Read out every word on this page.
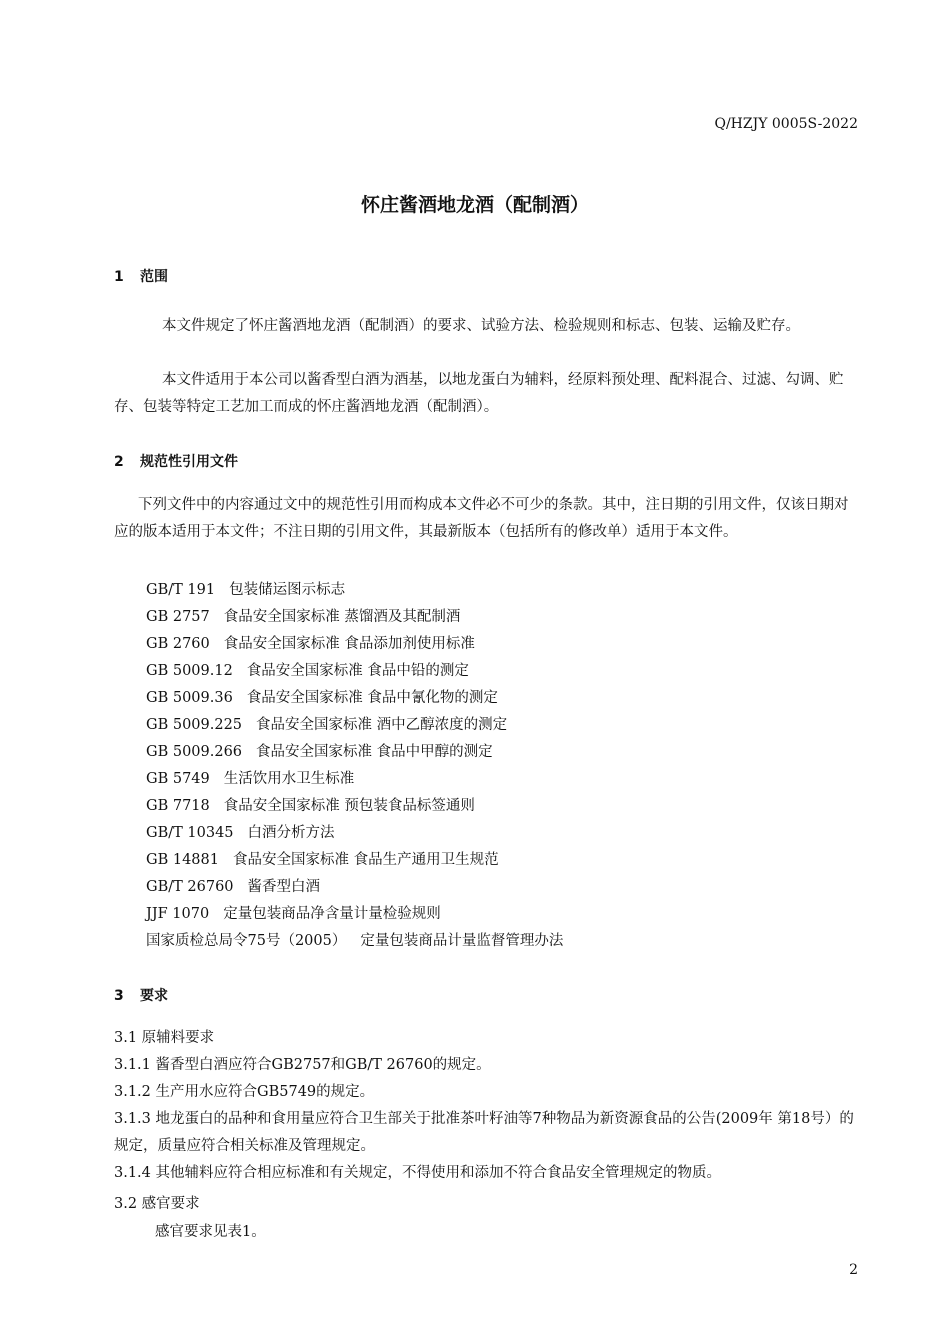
Q/HZJY 0005S-2022
怀庄酱酒地龙酒（配制酒）
1 范围

本文件规定了怀庄酱酒地龙酒（配制酒）的要求、试验方法、检验规则和标志、包装、运输及贮存。

本文件适用于本公司以酱香型白酒为酒基，以地龙蛋白为辅料，经原料预处理、配料混合、过滤、勾调、贮存、包装等特定工艺加工而成的怀庄酱酒地龙酒（配制酒）。

2 规范性引用文件

下列文件中的内容通过文中的规范性引用而构成本文件必不可少的条款。其中，注日期的引用文件，仅该日期对应的版本适用于本文件；不注日期的引用文件，其最新版本（包括所有的修改单）适用于本文件。

GB/T 191 包装储运图示标志
GB 2757 食品安全国家标准 蒸馏酒及其配制酒
GB 2760 食品安全国家标准 食品添加剂使用标准
GB 5009.12 食品安全国家标准 食品中铅的测定
GB 5009.36 食品安全国家标准 食品中氰化物的测定
GB 5009.225 食品安全国家标准 酒中乙醇浓度的测定
GB 5009.266 食品安全国家标准 食品中甲醇的测定
GB 5749 生活饮用水卫生标准
GB 7718 食品安全国家标准 预包装食品标签通则
GB/T 10345 白酒分析方法
GB 14881 食品安全国家标准 食品生产通用卫生规范
GB/T 26760 酱香型白酒
JJF 1070 定量包装商品净含量计量检验规则
国家质检总局令75号（2005） 定量包装商品计量监督管理办法
3 要求
3.1 原辅料要求
3.1.1 酱香型白酒应符合GB2757和GB/T 26760的规定。
3.1.2 生产用水应符合GB5749的规定。
3.1.3 地龙蛋白的品种和食用量应符合卫生部关于批准茶叶籽油等7种物品为新资源食品的公告(2009年 第18号）的规定，质量应符合相关标准及管理规定。
3.1.4 其他辅料应符合相应标准和有关规定，不得使用和添加不符合食品安全管理规定的物质。
3.2 感官要求
感官要求见表1。
2
